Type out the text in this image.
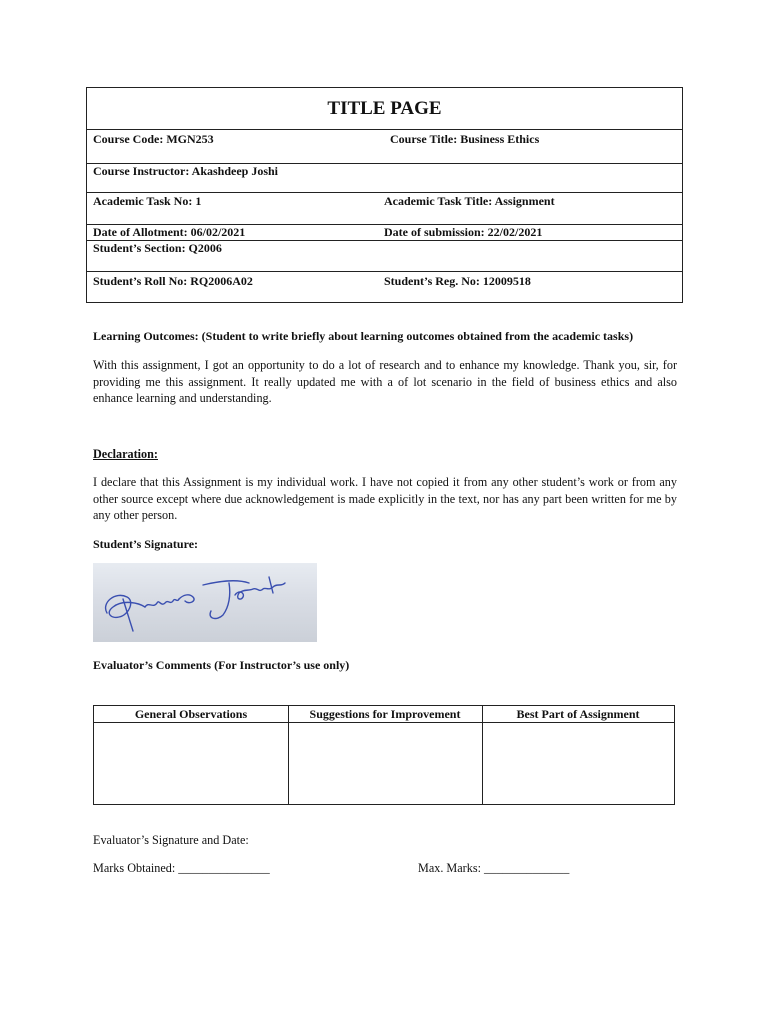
TITLE PAGE
Course Code: MGN253	Course Title: Business Ethics
Course Instructor: Akashdeep Joshi
Academic Task No: 1	Academic Task Title: Assignment
Date of Allotment: 06/02/2021	Date of submission: 22/02/2021
Student’s Section: Q2006
Student’s Roll No: RQ2006A02	Student’s Reg. No: 12009518
Learning Outcomes: (Student to write briefly about learning outcomes obtained from the academic tasks)
With this assignment, I got an opportunity to do a lot of research and to enhance my knowledge. Thank you, sir, for providing me this assignment. It really updated me with a of lot scenario in the field of business ethics and also enhance learning and understanding.
Declaration:
I declare that this Assignment is my individual work. I have not copied it from any other student’s work or from any other source except where due acknowledgement is made explicitly in the text, nor has any part been written for me by any other person.
Student’s Signature:
Evaluator’s Comments (For Instructor’s use only)
General Observations	Suggestions for Improvement	Best Part of Assignment
Evaluator’s Signature and Date:
Marks Obtained: _______________	Max. Marks: ______________
